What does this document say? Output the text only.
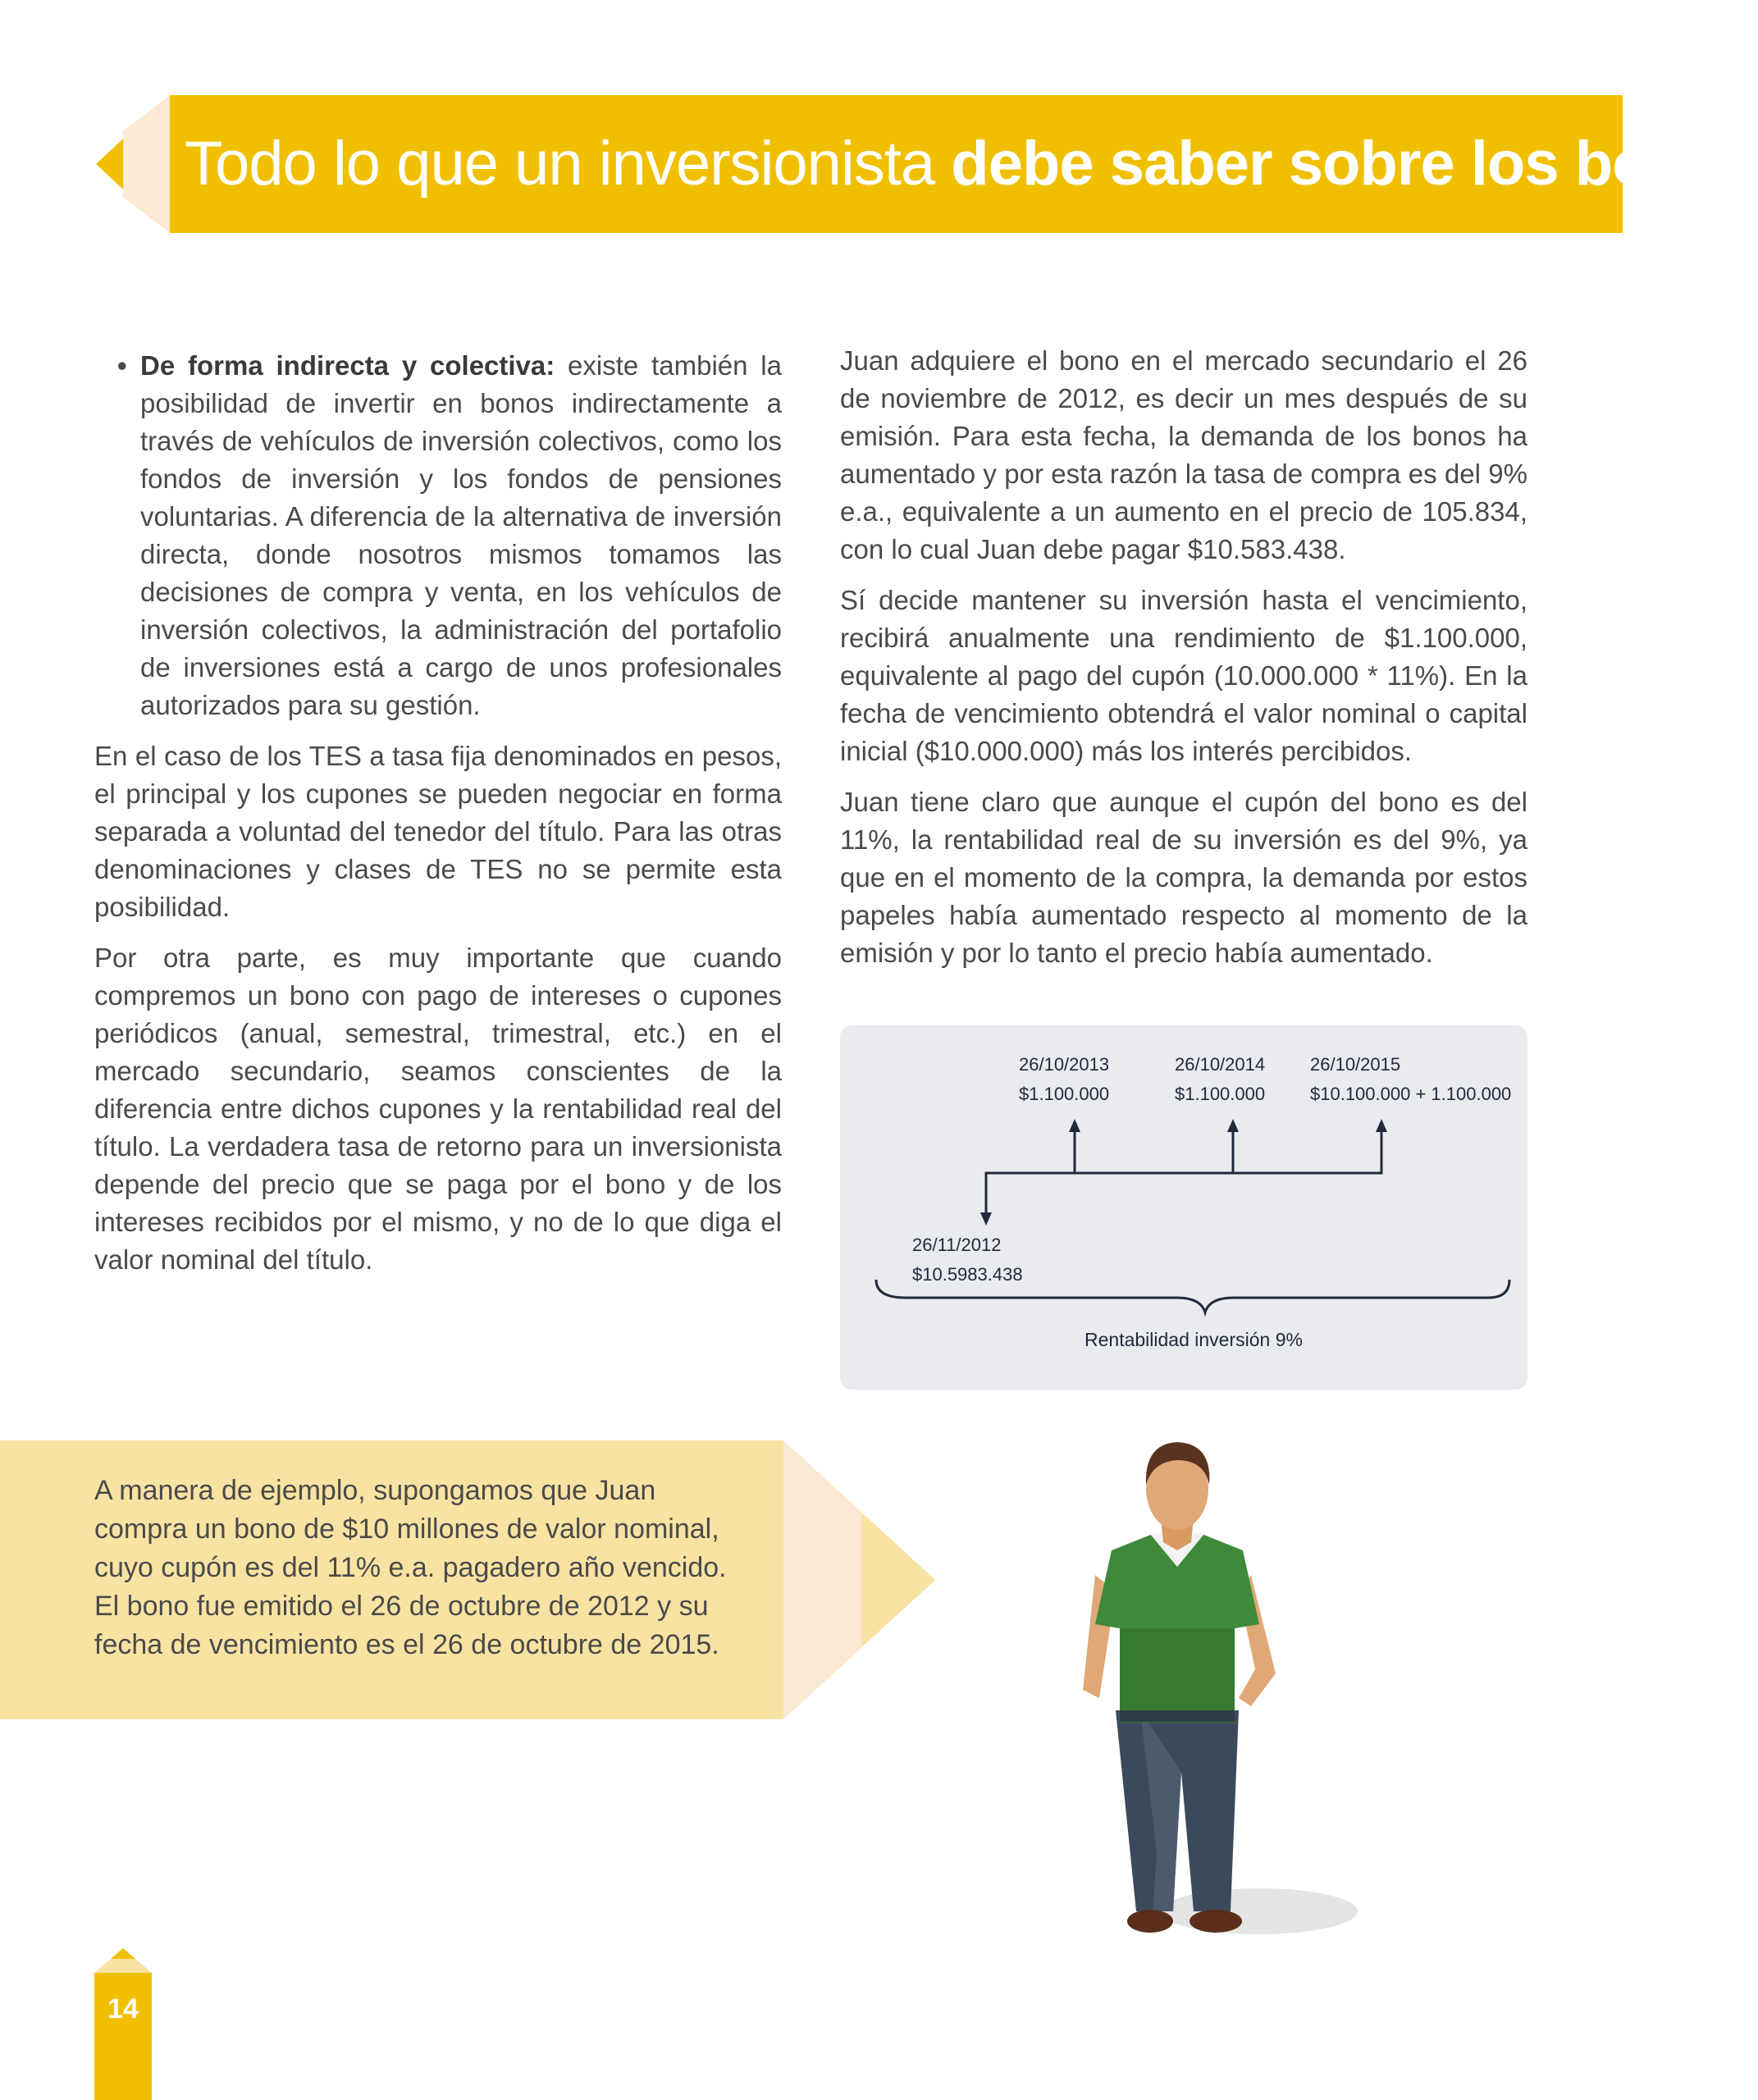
Todo lo que un inversionista debe saber sobre los bonos
• De forma indirecta y colectiva: existe también la posibilidad de invertir en bonos indirectamente a través de vehículos de inversión colectivos, como los fondos de inversión y los fondos de pensiones voluntarias. A diferencia de la alternativa de inversión directa, donde nosotros mismos tomamos las decisiones de compra y venta, en los vehículos de inversión colectivos, la administración del portafolio de inversiones está a cargo de unos profesionales autorizados para su gestión.

En el caso de los TES a tasa fija denominados en pesos, el principal y los cupones se pueden negociar en forma separada a voluntad del tenedor del título. Para las otras denominaciones y clases de TES no se permite esta posibilidad.

Por otra parte, es muy importante que cuando compremos un bono con pago de intereses o cupones periódicos (anual, semestral, trimestral, etc.) en el mercado secundario, seamos conscientes de la diferencia entre dichos cupones y la rentabilidad real del título. La verdadera tasa de retorno para un inversionista depende del precio que se paga por el bono y de los intereses recibidos por el mismo, y no de lo que diga el valor nominal del título.

Juan adquiere el bono en el mercado secundario el 26 de noviembre de 2012, es decir un mes después de su emisión. Para esta fecha, la demanda de los bonos ha aumentado y por esta razón la tasa de compra es del 9% e.a., equivalente a un aumento en el precio de 105.834, con lo cual Juan debe pagar $10.583.438.

Sí decide mantener su inversión hasta el vencimiento, recibirá anualmente una rendimiento de $1.100.000, equivalente al pago del cupón (10.000.000 * 11%). En la fecha de vencimiento obtendrá el valor nominal o capital inicial ($10.000.000) más los interés percibidos.

Juan tiene claro que aunque el cupón del bono es del 11%, la rentabilidad real de su inversión es del 9%, ya que en el momento de la compra, la demanda por estos papeles había aumentado respecto al momento de la emisión y por lo tanto el precio había aumentado.

26/10/2013
$1.100.000
26/10/2014
$1.100.000
26/10/2015
$10.100.000 + 1.100.000
26/11/2012
$10.5983.438
Rentabilidad inversión 9%
A manera de ejemplo, supongamos que Juan compra un bono de $10 millones de valor nominal, cuyo cupón es del 11% e.a. pagadero año vencido. El bono fue emitido el 26 de octubre de 2012 y su fecha de vencimiento es el 26 de octubre de 2015.
14
